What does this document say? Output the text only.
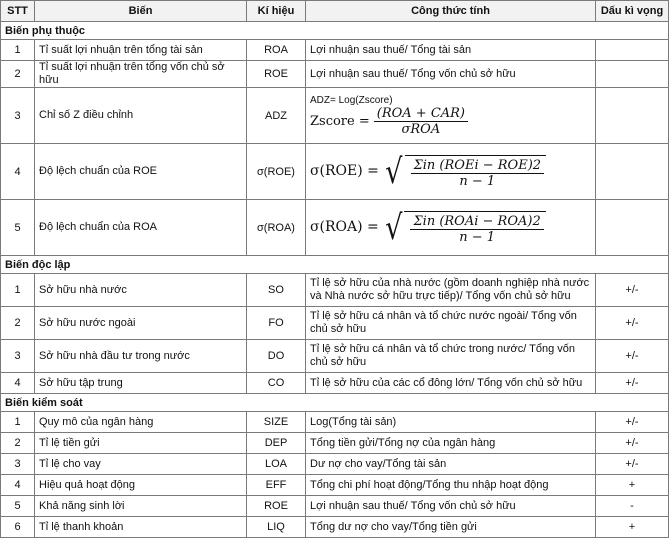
STT	Biến	Kí hiệu	Công thức tính	Dấu kì vọng
Biến phụ thuộc				
1	Tỉ suất lợi nhuận trên tổng tài sản	ROA	Lợi nhuận sau thuế/ Tổng tài sản	
2	Tỉ suất lợi nhuận trên tổng vốn chủ sở hữu	ROE	Lợi nhuận sau thuế/ Tổng vốn chủ sở hữu	
3	Chỉ số Z điều chỉnh	ADZ	ADZ= Log(Zscore)
Zscore = $\frac{\text{(ROA + CAR)}}{\text{σROA}}$

4	Độ lệch chuẩn của ROE	σ(ROE)	σ(ROE) = √ $\frac{\text{Σin (ROEi − ROE)2}}{n - 1}$

5	Độ lệch chuẩn của ROA	σ(ROA)	σ(ROA) = √ $\frac{\text{Σin (ROAi − ROA)2}}{n - 1}$

Biến độc lập				
1	Sở hữu nhà nước	SO	Tỉ lệ sở hữu của nhà nước (gồm doanh nghiệp nhà nước và Nhà nước sở hữu trực tiếp)/ Tổng vốn chủ sở hữu	+/-
2	Sở hữu nước ngoài	FO	Tỉ lệ sở hữu cá nhân và tổ chức nước ngoài/ Tổng vốn chủ sở hữu	+/-
3	Sở hữu nhà đầu tư trong nước	DO	Tỉ lệ sở hữu cá nhân và tổ chức trong nước/ Tổng vốn chủ sở hữu	+/-
4	Sở hữu tập trung	CO	Tỉ lệ sở hữu của các cổ đông lớn/ Tổng vốn chủ sở hữu	+/-
Biến kiểm soát				
1	Quy mô của ngân hàng	SIZE	Log(Tổng tài sản)	+/-
2	Tỉ lệ tiền gửi	DEP	Tổng tiền gửi/Tổng nợ của ngân hàng	+/-
3	Tỉ lệ cho vay	LOA	Dư nợ cho vay/Tổng tài sản	+/-
4	Hiệu quả hoạt động	EFF	Tổng chi phí hoạt động/Tổng thu nhập hoạt động	+
5	Khả năng sinh lời	ROE	Lợi nhuận sau thuế/ Tổng vốn chủ sở hữu	-
6	Tỉ lệ thanh khoản	LIQ	Tổng dư nợ cho vay/Tổng tiền gửi	+
